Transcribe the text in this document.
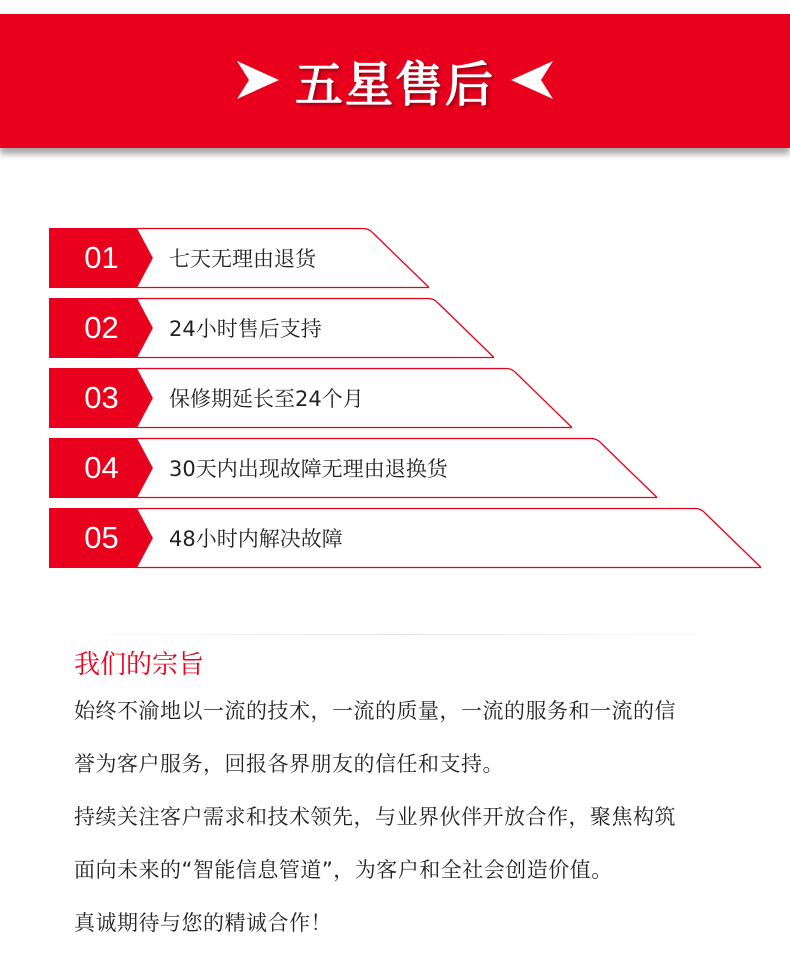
五星售后
01	七天无理由退货
02	24小时售后支持
03	保修期延长至24个月
04	30天内出现故障无理由退换货
05	48小时内解决故障
我们的宗旨
始终不渝地以一流的技术，一流的质量，一流的服务和一流的信
誉为客户服务，回报各界朋友的信任和支持。
持续关注客户需求和技术领先，与业界伙伴开放合作，聚焦构筑
面向未来的“智能信息管道”，为客户和全社会创造价值。
真诚期待与您的精诚合作！
